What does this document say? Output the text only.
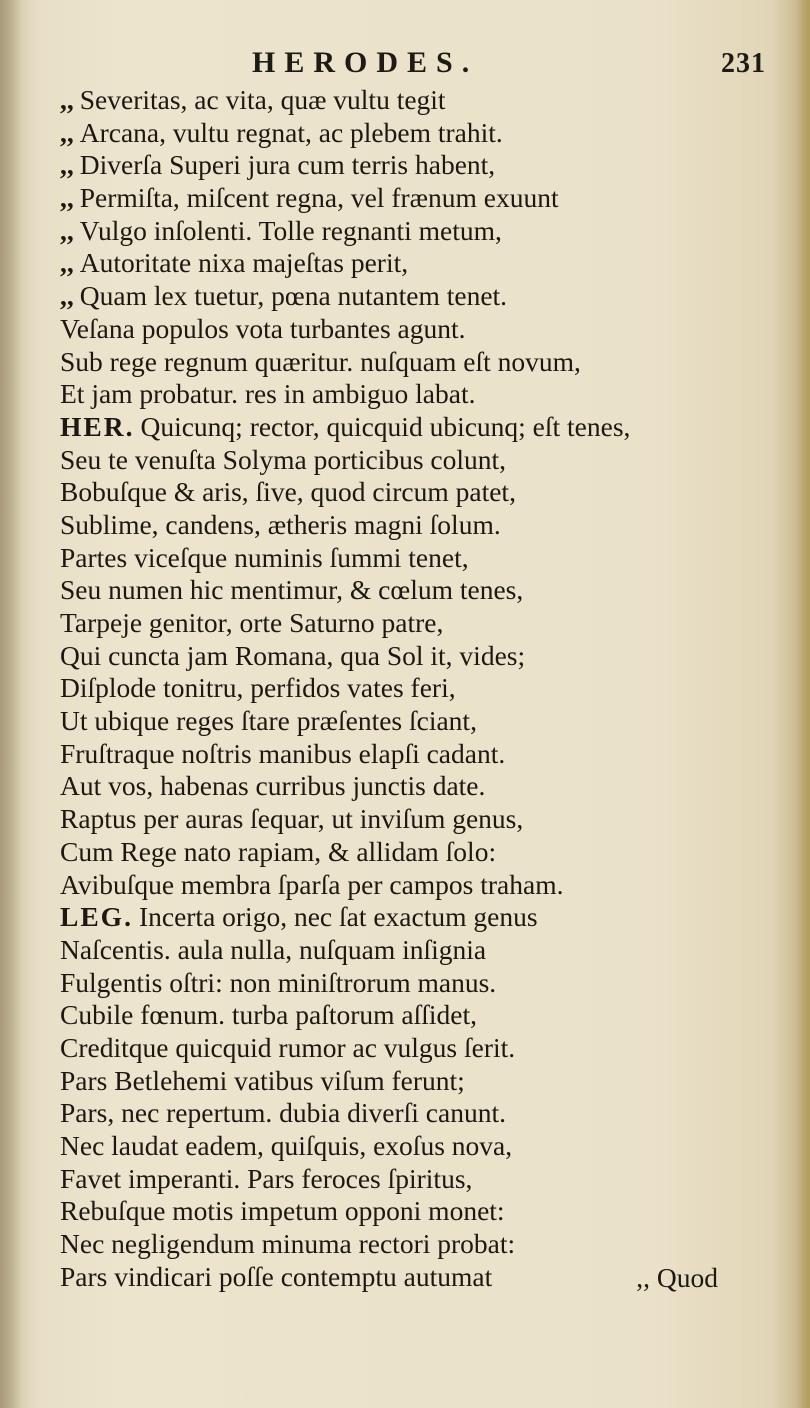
HERODES.	231
,, Severitas, ac vita, quæ vultu tegit
,, Arcana, vultu regnat, ac plebem trahit.
,, Diverſa Superi jura cum terris habent,
,, Permiſta, miſcent regna, vel frænum exuunt
,, Vulgo inſolenti. Tolle regnanti metum,
,, Autoritate nixa majeſtas perit,
,, Quam lex tuetur, pœna nutantem tenet.
Veſana populos vota turbantes agunt.
Sub rege regnum quæritur. nuſquam eſt novum,
Et jam probatur. res in ambiguo labat.
HER. Quicunq; rector, quicquid ubicunq; eſt tenes,
Seu te venuſta Solyma porticibus colunt,
Bobuſque & aris, ſive, quod circum patet,
Sublime, candens, ætheris magni ſolum.
Partes viceſque numinis ſummi tenet,
Seu numen hic mentimur, & cœlum tenes,
Tarpeje genitor, orte Saturno patre,
Qui cuncta jam Romana, qua Sol it, vides;
Diſplode tonitru, perfidos vates feri,
Ut ubique reges ſtare præſentes ſciant,
Fruſtraque noſtris manibus elapſi cadant.
Aut vos, habenas curribus junctis date.
Raptus per auras ſequar, ut inviſum genus,
Cum Rege nato rapiam, & allidam ſolo:
Avibuſque membra ſparſa per campos traham.
LEG. Incerta origo, nec ſat exactum genus
Naſcentis. aula nulla, nuſquam inſignia
Fulgentis oſtri: non miniſtrorum manus.
Cubile fœnum. turba paſtorum aſſidet,
Creditque quicquid rumor ac vulgus ſerit.
Pars Betlehemi vatibus viſum ferunt;
Pars, nec repertum. dubia diverſi canunt.
Nec laudat eadem, quiſquis, exoſus nova,
Favet imperanti. Pars feroces ſpiritus,
Rebuſque motis impetum opponi monet:
Nec negligendum minuma rectori probat:
Pars vindicari poſſe contemptu autumat	,, Quod
